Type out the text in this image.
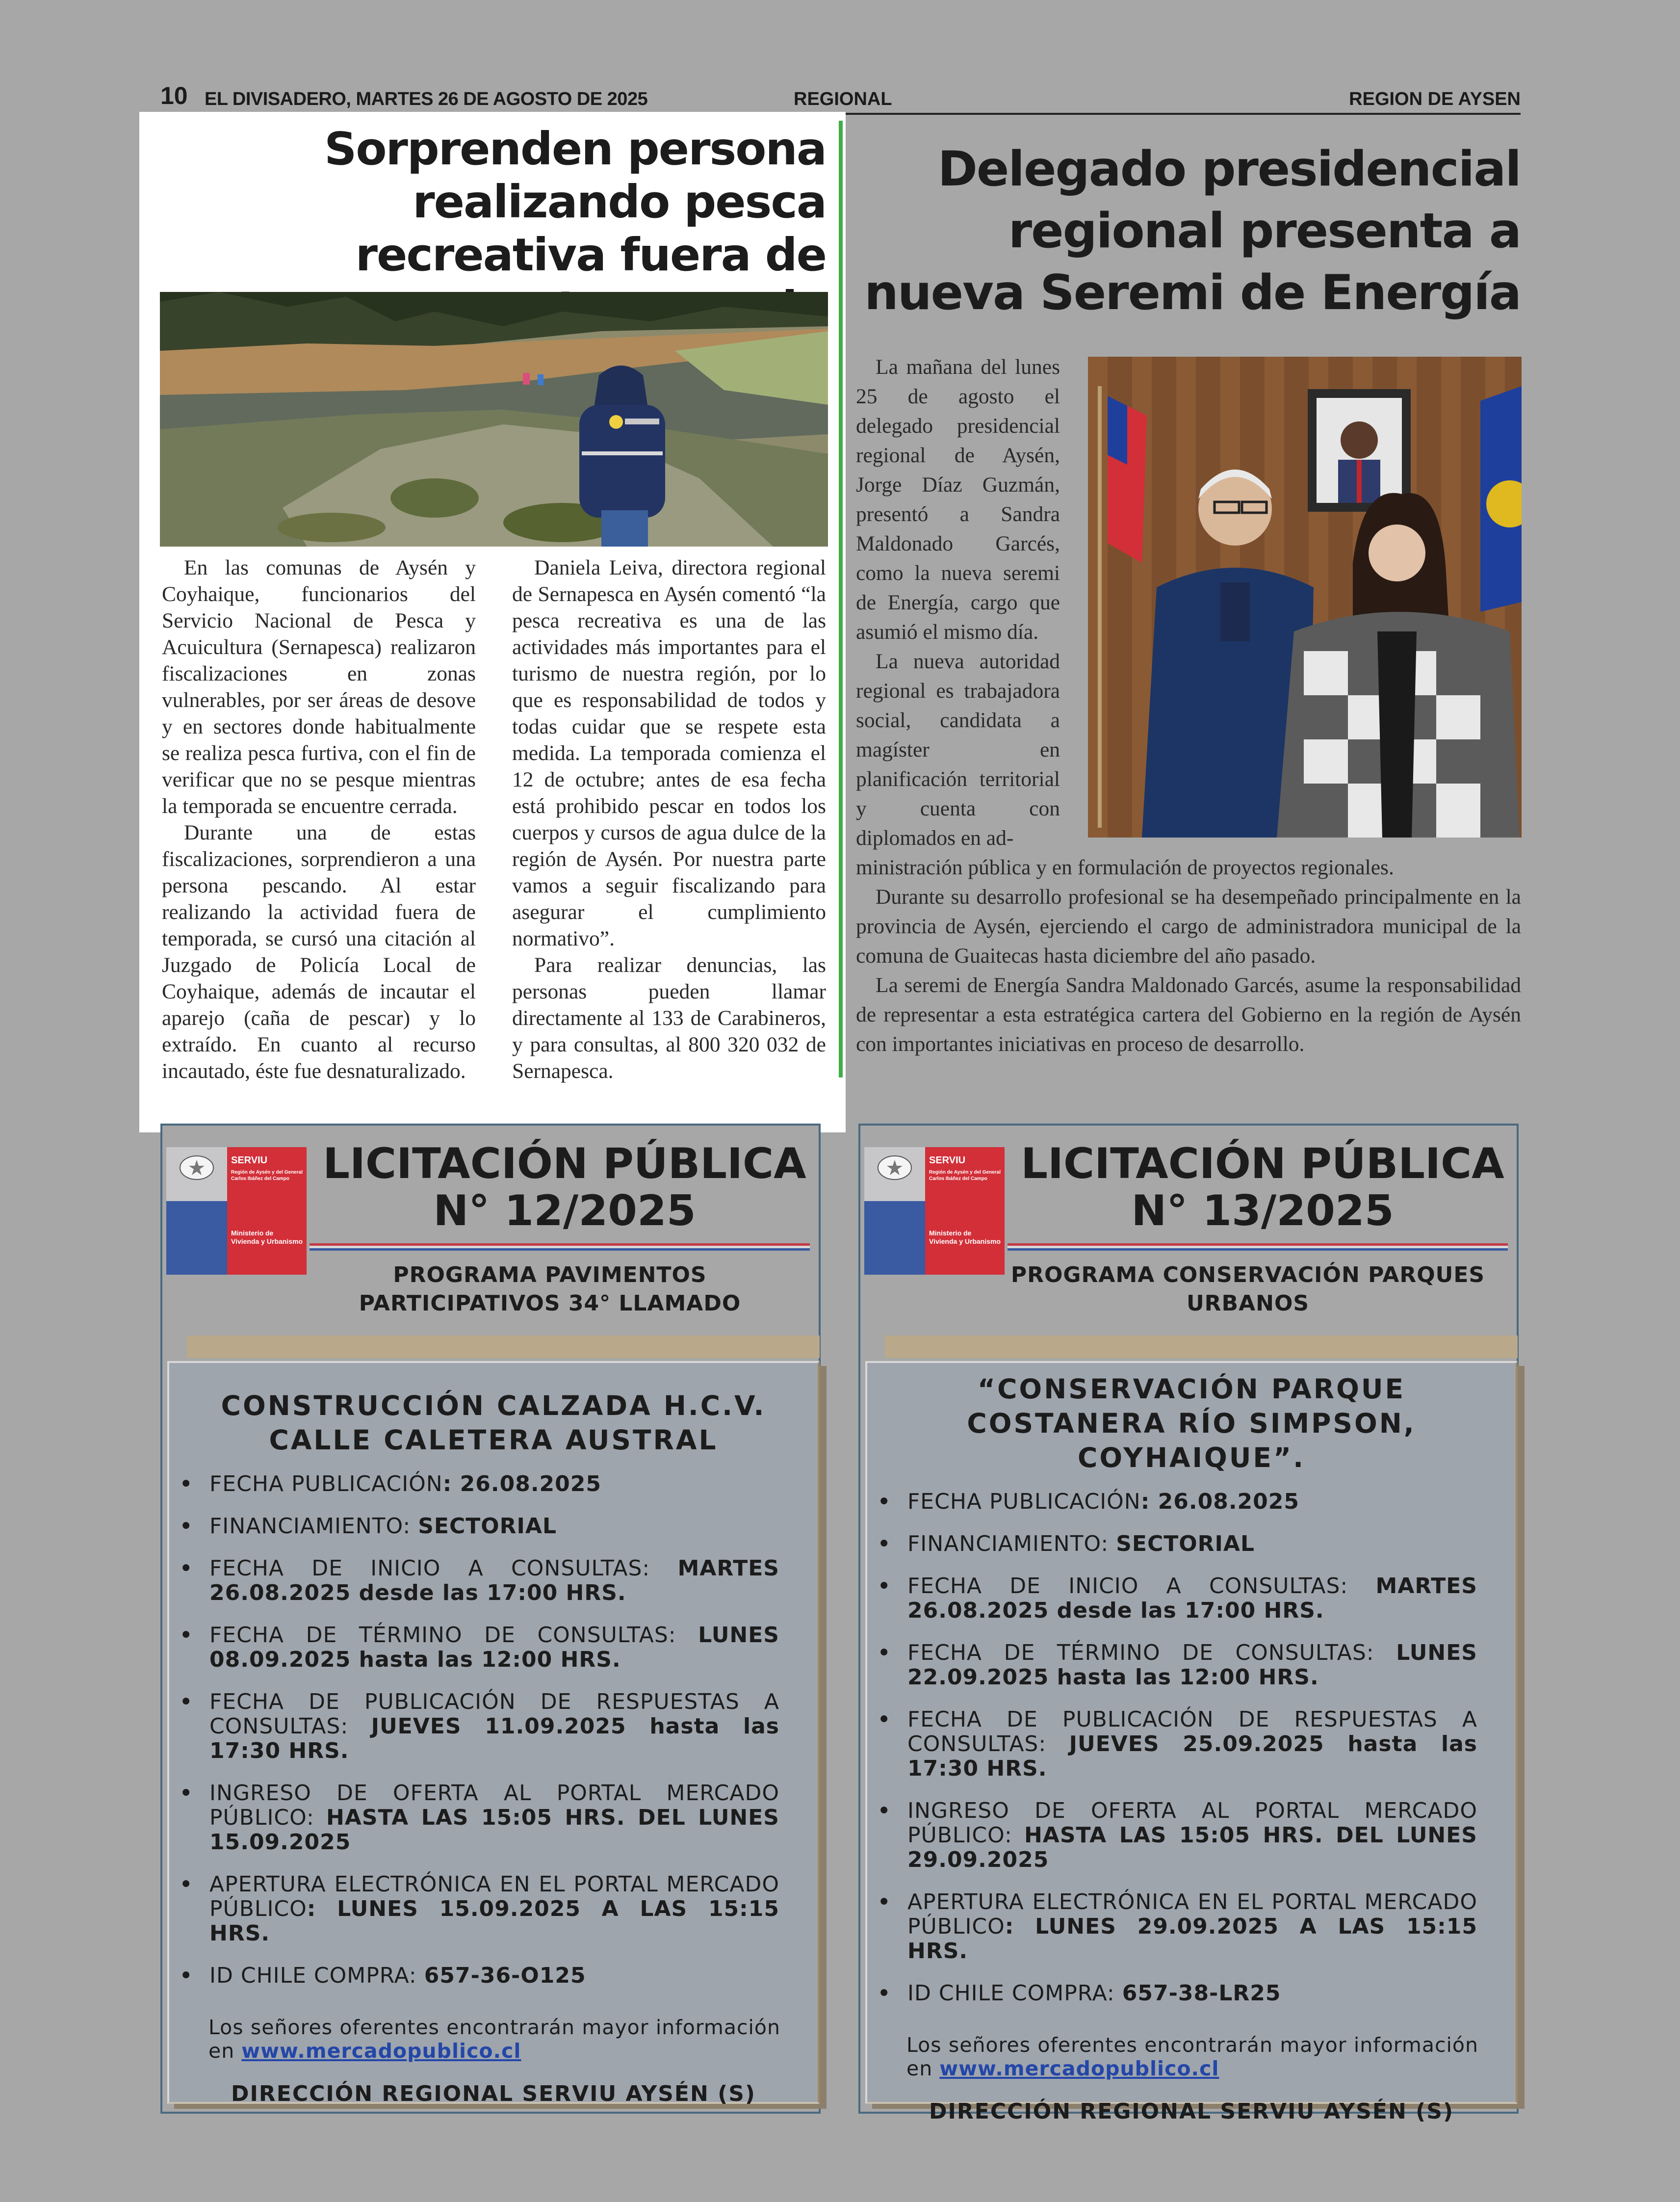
10 EL DIVISADERO, MARTES 26 DE AGOSTO DE 2025	REGIONAL	REGION DE AYSEN
Sorprenden persona realizando pesca recreativa fuera de

En las comunas de Aysén y Coyhaique, funcionarios del Servicio Nacional de Pesca y Acuicultura (Sernapesca) realizaron fiscalizaciones en zonas vulnerables, por ser áreas de desove y en sectores donde habitualmente se realiza pesca furtiva, con el fin de verificar que no se pesque mientras la temporada se encuentre cerrada.

Durante una de estas fiscalizaciones, sorprendieron a una persona pescando. Al estar realizando la actividad fuera de temporada, se cursó una citación al Juzgado de Policía Local de Coyhaique, además de incautar el aparejo (caña de pescar) y lo extraído. En cuanto al recurso incautado, éste fue desnaturalizado.

Daniela Leiva, directora regional de Sernapesca en Aysén comentó “la pesca recreativa es una de las actividades más importantes para el turismo de nuestra región, por lo que es responsabilidad de todos y todas cuidar que se respete esta medida. La temporada comienza el 12 de octubre; antes de esa fecha está prohibido pescar en todos los cuerpos y cursos de agua dulce de la región de Aysén. Por nuestra parte vamos a seguir fiscalizando para asegurar el cumplimiento normativo”.

Para realizar denuncias, las personas pueden llamar directamente al 133 de Carabineros, y para consultas, al 800 320 032 de Sernapesca.

Delegado presidencial regional presenta a nueva Seremi de Energía

La mañana del lunes 25 de agosto el delegado presidencial regional de Aysén, Jorge Díaz Guzmán, presentó a Sandra Maldonado Garcés, como la nueva seremi de Energía, cargo que asumió el mismo día.

La nueva autoridad regional es trabajadora social, candidata a magíster en planificación territorial y cuenta con diplomados en ad-

ministración pública y en formulación de proyectos regionales.

Durante su desarrollo profesional se ha desempeñado principalmente en la provincia de Aysén, ejerciendo el cargo de administradora municipal de la comuna de Guaitecas hasta diciembre del año pasado.

La seremi de Energía Sandra Maldonado Garcés, asume la responsabilidad de representar a esta estratégica cartera del Gobierno en la región de Aysén con importantes iniciativas en proceso de desarrollo.

SERVIU
Región de Aysén y del General Carlos Ibáñez del Campo
Ministerio de Vivienda y Urbanismo
LICITACIÓN PÚBLICA
N° 12/2025
PROGRAMA PAVIMENTOS PARTICIPATIVOS 34° LLAMADO
CONSTRUCCIÓN CALZADA H.C.V. CALLE CALETERA AUSTRAL
• FECHA PUBLICACIÓN: 26.08.2025
• FINANCIAMIENTO: SECTORIAL
• FECHA DE INICIO A CONSULTAS: MARTES 26.08.2025 desde las 17:00 HRS.
• FECHA DE TÉRMINO DE CONSULTAS: LUNES 08.09.2025 hasta las 12:00 HRS.
• FECHA DE PUBLICACIÓN DE RESPUESTAS A CONSULTAS: JUEVES 11.09.2025 hasta las 17:30 HRS.
• INGRESO DE OFERTA AL PORTAL MERCADO PÚBLICO: HASTA LAS 15:05 HRS. DEL LUNES 15.09.2025
• APERTURA ELECTRÓNICA EN EL PORTAL MERCADO PÚBLICO: LUNES 15.09.2025 A LAS 15:15 HRS.
• ID CHILE COMPRA: 657-36-O125
Los señores oferentes encontrarán mayor información en www.mercadopublico.cl
DIRECCIÓN REGIONAL SERVIU AYSÉN (S)
SERVIU
Región de Aysén y del General Carlos Ibáñez del Campo
Ministerio de Vivienda y Urbanismo
LICITACIÓN PÚBLICA
N° 13/2025
PROGRAMA CONSERVACIÓN PARQUES URBANOS
“CONSERVACIÓN PARQUE COSTANERA RÍO SIMPSON, COYHAIQUE”.
• FECHA PUBLICACIÓN: 26.08.2025
• FINANCIAMIENTO: SECTORIAL
• FECHA DE INICIO A CONSULTAS: MARTES 26.08.2025 desde las 17:00 HRS.
• FECHA DE TÉRMINO DE CONSULTAS: LUNES 22.09.2025 hasta las 12:00 HRS.
• FECHA DE PUBLICACIÓN DE RESPUESTAS A CONSULTAS: JUEVES 25.09.2025 hasta las 17:30 HRS.
• INGRESO DE OFERTA AL PORTAL MERCADO PÚBLICO: HASTA LAS 15:05 HRS. DEL LUNES 29.09.2025
• APERTURA ELECTRÓNICA EN EL PORTAL MERCADO PÚBLICO: LUNES 29.09.2025 A LAS 15:15 HRS.
• ID CHILE COMPRA: 657-38-LR25
Los señores oferentes encontrarán mayor información en www.mercadopublico.cl
DIRECCIÓN REGIONAL SERVIU AYSÉN (S)
